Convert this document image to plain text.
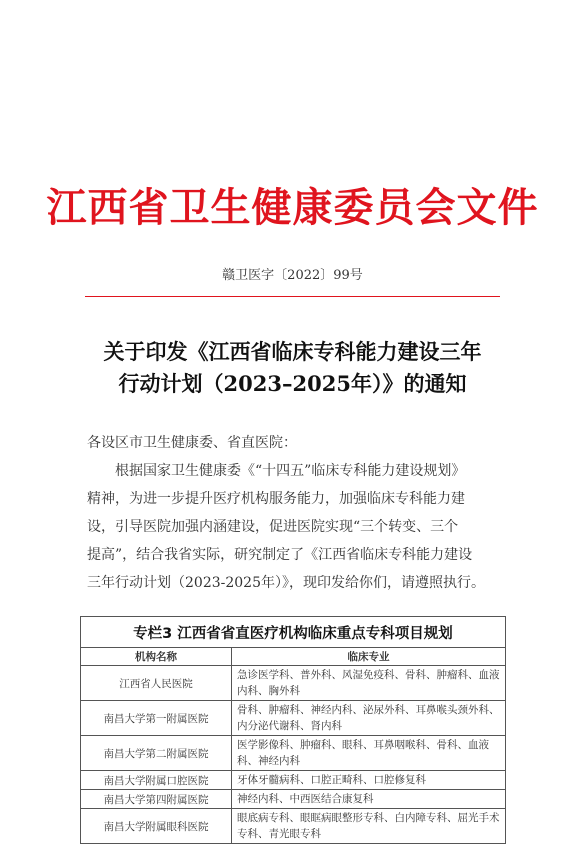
江西省卫生健康委员会文件
赣卫医字〔2022〕99号
关于印发《江西省临床专科能力建设三年
行动计划（2023–2025年）》的通知
各设区市卫生健康委、省直医院：
根据国家卫生健康委《“十四五”临床专科能力建设规划》
精神，为进一步提升医疗机构服务能力，加强临床专科能力建
设，引导医院加强内涵建设，促进医院实现“三个转变、三个
提高”，结合我省实际，研究制定了《江西省临床专科能力建设
三年行动计划（2023-2025年）》，现印发给你们，请遵照执行。
专栏3 江西省省直医疗机构临床重点专科项目规划	
机构名称	临床专业
江西省人民医院	急诊医学科、普外科、风湿免疫科、骨科、肿瘤科、血液内科、胸外科
南昌大学第一附属医院	骨科、肿瘤科、神经内科、泌尿外科、耳鼻喉头颈外科、内分泌代谢科、肾内科
南昌大学第二附属医院	医学影像科、肿瘤科、眼科、耳鼻咽喉科、骨科、血液科、神经内科
南昌大学附属口腔医院	牙体牙髓病科、口腔正畸科、口腔修复科
南昌大学第四附属医院	神经内科、中西医结合康复科
南昌大学附属眼科医院	眼底病专科、眼眶病眼整形专科、白内障专科、屈光手术专科、青光眼专科
